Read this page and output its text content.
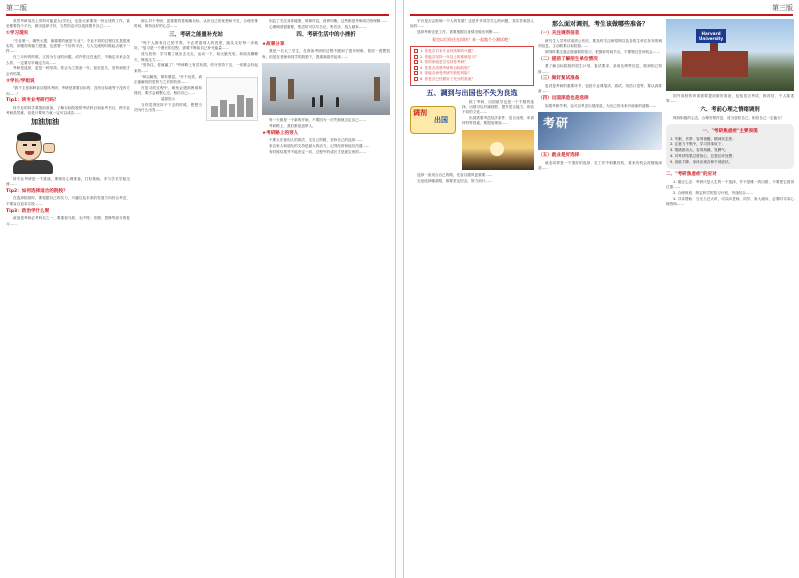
第二版

虽然考研成功上岸的可能更大(学长)，也依大家要找一份合适的工作，甚至都要找个平台，做出选择才好，当然你也可以选择提升自己……

①学习现实

"专业第一，哪些大提，最重要的就是'专业'"。专业不同的过程往往是很现实的，即便你的能力很强，也需要一个好的平台，与人交流的时候起点就不一样……

在三月份的时候，又因为专业的问题，或许你还在迷茫、不确定未来会怎么样，一定要尽早确定方向……

考研是选择，更是一种坚持。你会为之准备一年，甚至更久，坚持到底才会有结果。

②学长/学姐说

"我不主张那种盲目跟风考研，考研是需要目标的，没有目标就等于没有方向……"

Tip1：转专业考研行吗？

转专业的同学要提前准备，了解目标院校的考试科目和参考书目，跨专业考研虽然难，但是只要努力就一定可以成功……

加油加油

转专业考研是一个挑战，要做好心理准备，打好基础，多与学长学姐交流……

Tip2：如何选择适合的院校？

在选择院校时，要根据自己的实力、兴趣以及未来的发展方向综合考虑，不要盲目追求名校……

Tip3：政治学什么呢

政治是考研必考科目之一，要重视马原、毛中特、史纲、思修等部分的复习……

那么对于考研，更重要的是明确目标，认识自己的优势和不足，合理安排时间，保持良好的心态……

三、考研之能量补充站

"每个人都有自己的节奏，不必羡慕别人的进度，踏实走好每一步就好。"复习是一个漫长的过程，需要不断给自己补充能量……

适当放松：学习累了就出去走走，运动一下，给大脑充电；和朋友聊聊天，释放压力……

"坚持住，你就赢了！"考研路上有苦有甜，咬牙坚持下去，一切都会好起来的……

"何以解忧，唯有暴富。"开个玩笑，真正能解忧的是努力之后的收获……

在复习的过程中，难免会遇到困难和挫折，要学会调整心态，相信自己……

温馨提示

当你觉得坚持不下去的时候，想想当初为什么出发……

别忘了关注身体健康，规律作息，营养均衡。这些都是考研成功的保障……

心理调适很重要，焦虑时可以写日记、听音乐、找人倾诉……

四、考研生活中的小挫折
★故事分享

我是一名大三学生，在准备考研的过程中遇到了很多困难，曾经一度想放弃。但是在老师和同学的鼓励下，我重新振作起来……

每一天都是一个新的开始，不要因为一次失败就否定自己……

考研路上，我们都是追梦人。

★考研路上的旁人

不要太在意别人的看法，走自己的路，坚持自己的选择……

来自家人和朋友的支持是最大的动力，记得经常和他们沟通……

有时候结果并不能决定一切，过程中的成长才是最宝贵的……

第三版

平台是否会影响一个人的发展？这是许多同学关心的问题，其实答案因人而异……

选择考研还是工作，需要根据自身情况做出判断……

看完以后你还在纠结？来一起做个小测试吧！

1. 你是否对本专业有浓厚的兴趣？

2. 你能否坚持一年以上的系统复习？

3. 你的家庭是否支持你考研？

4. 你是否清楚考研的目标院校？

5. 你能否承受考研失败的风险？

6. 你是否已经做好了充分的准备？

五、調到与出国也不失为良选
调剂
出国

除了考研，出国留学也是一个不错的选择。出国可以开阔视野，提升语言能力，体验不同的文化……

出国需要考虑经济条件、语言成绩、申请材料等因素，要提前规划……

选择一条适合自己的路，比盲目跟风更重要……

无论选择哪条路，都要坚定信念，努力前行……

那么面对调剂，考生该做哪些准备？
（一）关注调剂信息

研究生入学考试成绩公布后，要及时关注研招网以及各招生单位发布的调剂信息，主动联系目标院校……

调剂时要注意志愿填报的技巧，把握好时间节点，不要错过任何机会……

（二）提前了解招生单位情况

要了解目标院校的招生计划、复试要求、录取比例等信息，做到知己知彼……

（三）做好复试准备

复试是考研的重要环节，包括专业课笔试、面试、英语口语等，要认真准备……

（四）出国深造也是选择

如果考研失利，也可以考虑出国深造，为自己的未来开辟新的道路……

考研
（五）就业是好选择

就业同样是一个很好的选择，在工作中积累经验，将来有机会再继续深造……

Harvard
University

国外高校的申请需要提前做好准备，包括语言考试、推荐信、个人陈述等……

六、考前心理之情绪调剂

保持积极的心态，合理安排作息，适当放松自己，相信自己一定能行！

一、"考研焦虑症"主要表现

1. 失眠、多梦、容易惊醒，精神状态差；

2. 注意力不集中，学习效率低下；

3. 情绪波动大，容易烦躁、发脾气；

4. 对考试结果过度担心，总是往坏处想；

5. 食欲下降，身体出现各种不适症状。

二、"考研焦虑症"的应对

1. 端正心态：考研只是人生的一个选择，并不是唯一的出路，不要把它看得过重……

2. 合理规划：制定科学的复习计划，劳逸结合……

3. 寻求帮助：当压力过大时，可以向老师、同学、家人倾诉，必要时寻求心理咨询……
